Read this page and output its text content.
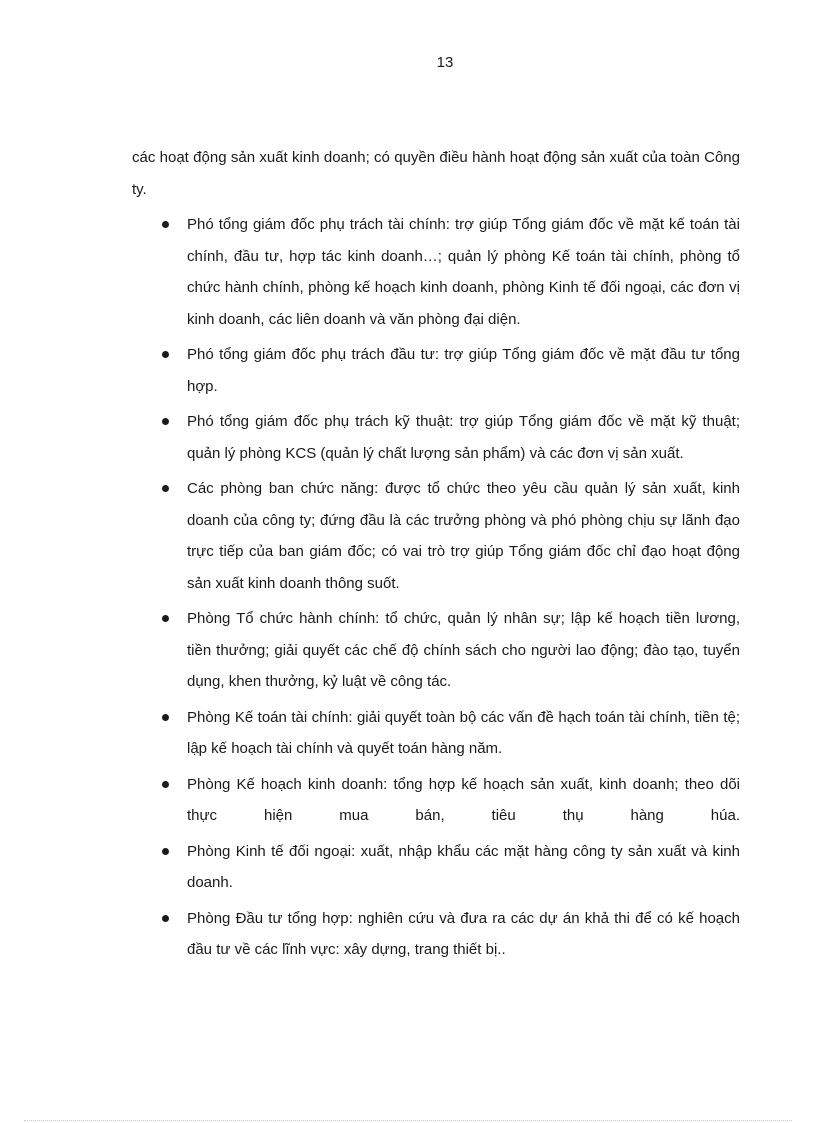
13

các hoạt động sản xuất kinh doanh; có quyền điều hành hoạt động sản xuất của toàn Công ty.

Phó tổng giám đốc phụ trách tài chính: trợ giúp Tổng giám đốc về mặt kế toán tài chính, đầu tư, hợp tác kinh doanh…; quản lý phòng Kế toán tài chính, phòng tổ chức hành chính, phòng kế hoạch kinh doanh, phòng Kinh tế đối ngoại, các đơn vị kinh doanh, các liên doanh và văn phòng đại diện.
Phó tổng giám đốc phụ trách đầu tư: trợ giúp Tổng giám đốc về mặt đầu tư tổng hợp.
Phó tổng giám đốc phụ trách kỹ thuật: trợ giúp Tổng giám đốc về mặt kỹ thuật; quản lý phòng KCS (quản lý chất lượng sản phẩm) và các đơn vị sản xuất.
Các phòng ban chức năng: được tổ chức theo yêu cầu quản lý sản xuất, kinh doanh của công ty; đứng đầu là các trưởng phòng và phó phòng chịu sự lãnh đạo trực tiếp của ban giám đốc; có vai trò trợ giúp Tổng giám đốc chỉ đạo hoạt động sản xuất kinh doanh thông suốt.
Phòng Tổ chức hành chính: tổ chức, quản lý nhân sự; lập kế hoạch tiền lương, tiền thưởng; giải quyết các chế độ chính sách cho người lao động; đào tạo, tuyển dụng, khen thưởng, kỷ luật về công tác.
Phòng Kế toán tài chính: giải quyết toàn bộ các vấn đề hạch toán tài chính, tiền tệ; lập kế hoạch tài chính và quyết toán hàng năm.
Phòng Kế hoạch kinh doanh: tổng hợp kế hoạch sản xuất, kinh doanh; theo dõi thực hiện mua bán, tiêu thụ hàng húa.
Phòng Kinh tế đối ngoại: xuất, nhập khẩu các mặt hàng công ty sản xuất và kinh doanh.
Phòng Đầu tư tổng hợp: nghiên cứu và đưa ra các dự án khả thi để có kế hoạch đầu tư về các lĩnh vực: xây dựng, trang thiết bị..
